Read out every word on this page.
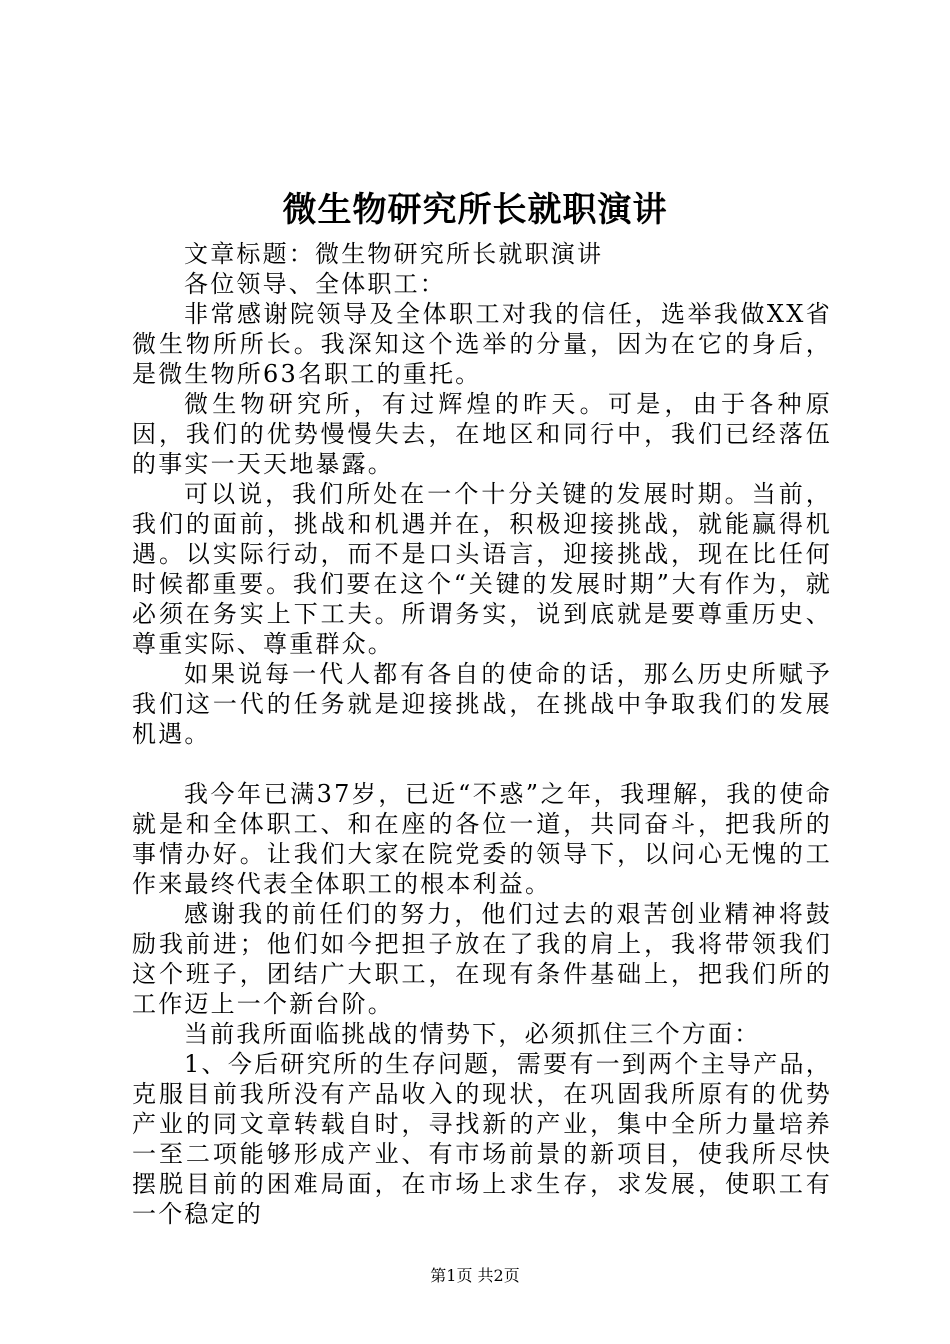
微生物研究所长就职演讲

文章标题：微生物研究所长就职演讲

各位领导、全体职工：

非常感谢院领导及全体职工对我的信任，选举我做XX省微生物所所长。我深知这个选举的分量，因为在它的身后，是微生物所63名职工的重托。

微生物研究所，有过辉煌的昨天。可是，由于各种原因，我们的优势慢慢失去，在地区和同行中，我们已经落伍的事实一天天地暴露。

可以说，我们所处在一个十分关键的发展时期。当前，我们的面前，挑战和机遇并在，积极迎接挑战，就能赢得机遇。以实际行动，而不是口头语言，迎接挑战，现在比任何时候都重要。我们要在这个“关键的发展时期”大有作为，就必须在务实上下工夫。所谓务实，说到底就是要尊重历史、尊重实际、尊重群众。

如果说每一代人都有各自的使命的话，那么历史所赋予我们这一代的任务就是迎接挑战，在挑战中争取我们的发展机遇。

我今年已满37岁，已近“不惑”之年，我理解，我的使命就是和全体职工、和在座的各位一道，共同奋斗，把我所的事情办好。让我们大家在院党委的领导下，以问心无愧的工作来最终代表全体职工的根本利益。

感谢我的前任们的努力，他们过去的艰苦创业精神将鼓励我前进；他们如今把担子放在了我的肩上，我将带领我们这个班子，团结广大职工，在现有条件基础上，把我们所的工作迈上一个新台阶。

当前我所面临挑战的情势下，必须抓住三个方面：

1、今后研究所的生存问题，需要有一到两个主导产品，克服目前我所没有产品收入的现状，在巩固我所原有的优势产业的同文章转载自时，寻找新的产业，集中全所力量培养一至二项能够形成产业、有市场前景的新项目，使我所尽快摆脱目前的困难局面，在市场上求生存，求发展，使职工有一个稳定的

第1页 共2页
